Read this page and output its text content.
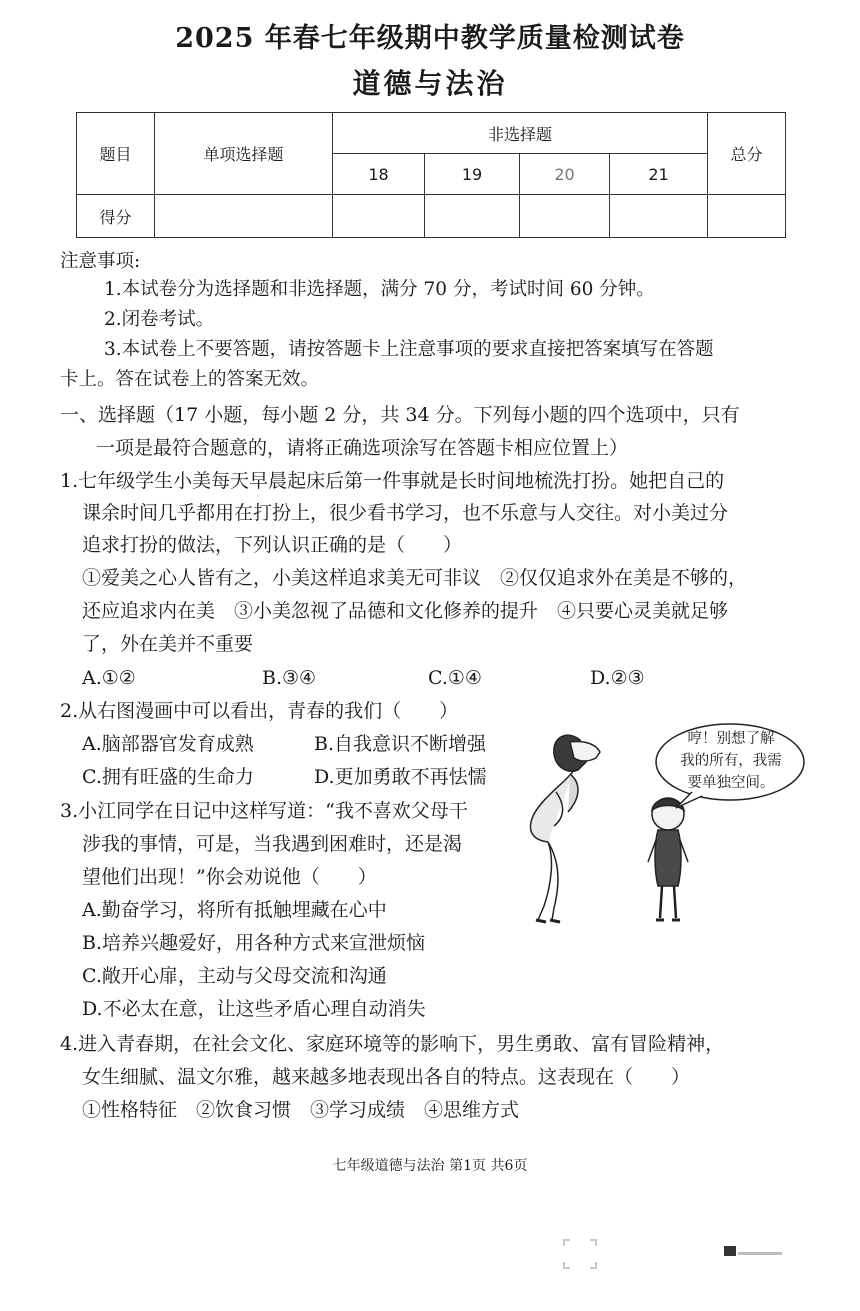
2025 年春七年级期中教学质量检测试卷
道德与法治
题目	单项选择题	非选择题				总分
		18	19	20	21	
得分						
注意事项:
1.本试卷分为选择题和非选择题，满分 70 分，考试时间 60 分钟。
2.闭卷考试。
3.本试卷上不要答题，请按答题卡上注意事项的要求直接把答案填写在答题
卡上。答在试卷上的答案无效。
一、选择题（17 小题，每小题 2 分，共 34 分。下列每小题的四个选项中，只有
一项是最符合题意的，请将正确选项涂写在答题卡相应位置上）
1.七年级学生小美每天早晨起床后第一件事就是长时间地梳洗打扮。她把自己的
课余时间几乎都用在打扮上，很少看书学习，也不乐意与人交往。对小美过分
追求打扮的做法，下列认识正确的是（　　）
①爱美之心人皆有之，小美这样追求美无可非议　②仅仅追求外在美是不够的，
还应追求内在美　③小美忽视了品德和文化修养的提升　④只要心灵美就足够
了，外在美并不重要
A.①②	B.③④	C.①④	D.②③
2.从右图漫画中可以看出，青春的我们（　　）
A.脑部器官发育成熟	B.自我意识不断增强
C.拥有旺盛的生命力	D.更加勇敢不再怯懦
哼！别想了解
我的所有，我需
要单独空间。
3.小江同学在日记中这样写道：“我不喜欢父母干
涉我的事情，可是，当我遇到困难时，还是渴
望他们出现！”你会劝说他（　　）
A.勤奋学习，将所有抵触埋藏在心中
B.培养兴趣爱好，用各种方式来宣泄烦恼
C.敞开心扉，主动与父母交流和沟通
D.不必太在意，让这些矛盾心理自动消失
4.进入青春期，在社会文化、家庭环境等的影响下，男生勇敢、富有冒险精神，
女生细腻、温文尔雅，越来越多地表现出各自的特点。这表现在（　　）
①性格特征　②饮食习惯　③学习成绩　④思维方式
七年级道德与法治 第1页 共6页
